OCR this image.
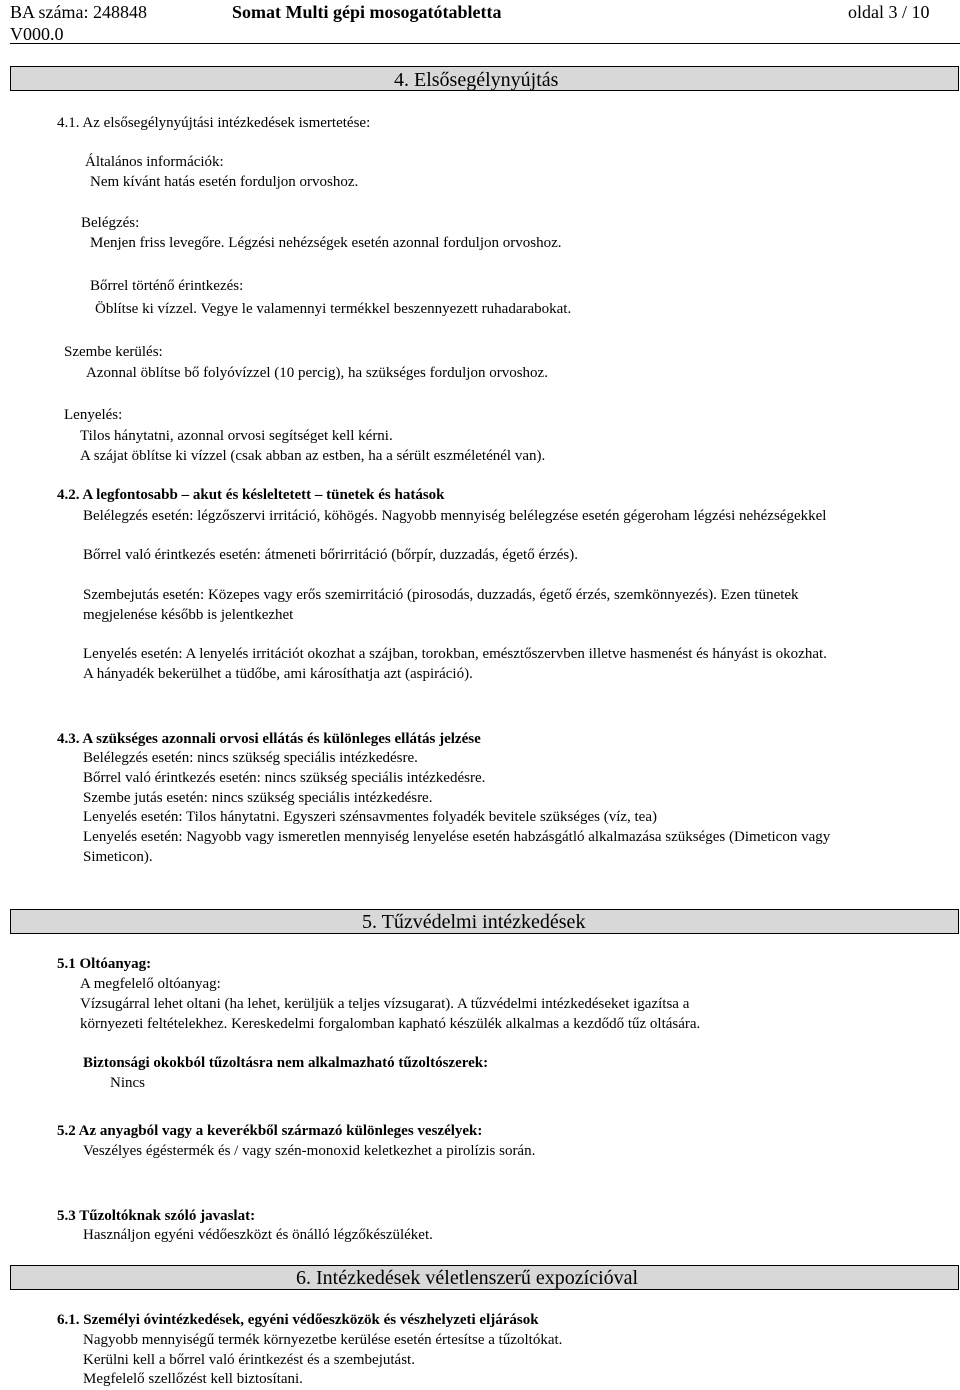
BA száma: 248848
V000.0
Somat Multi gépi mosogatótabletta	oldal 3 / 10
4. Elsősegélynyújtás
4.1. Az elsősegélynyújtási intézkedések ismertetése:
Általános információk:
Nem kívánt hatás esetén forduljon orvoshoz.
Belégzés:
Menjen friss levegőre. Légzési nehézségek esetén azonnal forduljon orvoshoz.
Bőrrel történő érintkezés:
Öblítse ki vízzel. Vegye le valamennyi termékkel beszennyezett ruhadarabokat.
Szembe kerülés:
Azonnal öblítse bő folyóvízzel (10 percig), ha szükséges forduljon orvoshoz.
Lenyelés:
Tilos hánytatni, azonnal orvosi segítséget kell kérni.
A szájat öblítse ki vízzel (csak abban az estben, ha a sérült eszméleténél van).
4.2. A legfontosabb – akut és késleltetett – tünetek és hatások
Belélegzés esetén: légzőszervi irritáció, köhögés. Nagyobb mennyiség belélegzése esetén gégeroham légzési nehézségekkel
Bőrrel való érintkezés esetén: átmeneti bőrirritáció (bőrpír, duzzadás, égető érzés).
Szembejutás esetén: Közepes vagy erős szemirritáció (pirosodás, duzzadás, égető érzés, szemkönnyezés). Ezen tünetek
megjelenése később is jelentkezhet
Lenyelés esetén: A lenyelés irritációt okozhat a szájban, torokban, emésztőszervben illetve hasmenést és hányást is okozhat.
A hányadék bekerülhet a tüdőbe, ami károsíthatja azt (aspiráció).
4.3. A szükséges azonnali orvosi ellátás és különleges ellátás jelzése
Belélegzés esetén: nincs szükség speciális intézkedésre.
Bőrrel való érintkezés esetén: nincs szükség speciális intézkedésre.
Szembe jutás esetén: nincs szükség speciális intézkedésre.
Lenyelés esetén: Tilos hánytatni. Egyszeri szénsavmentes folyadék bevitele szükséges (víz, tea)
Lenyelés esetén: Nagyobb vagy ismeretlen mennyiség lenyelése esetén habzásgátló alkalmazása szükséges (Dimeticon vagy
Simeticon).
5. Tűzvédelmi intézkedések
5.1 Oltóanyag:
A megfelelő oltóanyag:
Vízsugárral lehet oltani (ha lehet, kerüljük a teljes vízsugarat). A tűzvédelmi intézkedéseket igazítsa a
környezeti feltételekhez. Kereskedelmi forgalomban kapható készülék alkalmas a kezdődő tűz oltására.
Biztonsági okokból tűzoltásra nem alkalmazható tűzoltószerek:
Nincs
5.2 Az anyagból vagy a keverékből származó különleges veszélyek:
Veszélyes égéstermék és / vagy szén-monoxid keletkezhet a pirolízis során.
5.3 Tűzoltóknak szóló javaslat:
Használjon egyéni védőeszközt és önálló légzőkészüléket.
6. Intézkedések véletlenszerű expozícióval
6.1. Személyi óvintézkedések, egyéni védőeszközök és vészhelyzeti eljárások
Nagyobb mennyiségű termék környezetbe kerülése esetén értesítse a tűzoltókat.
Kerülni kell a bőrrel való érintkezést és a szembejutást.
Megfelelő szellőzést kell biztosítani.
